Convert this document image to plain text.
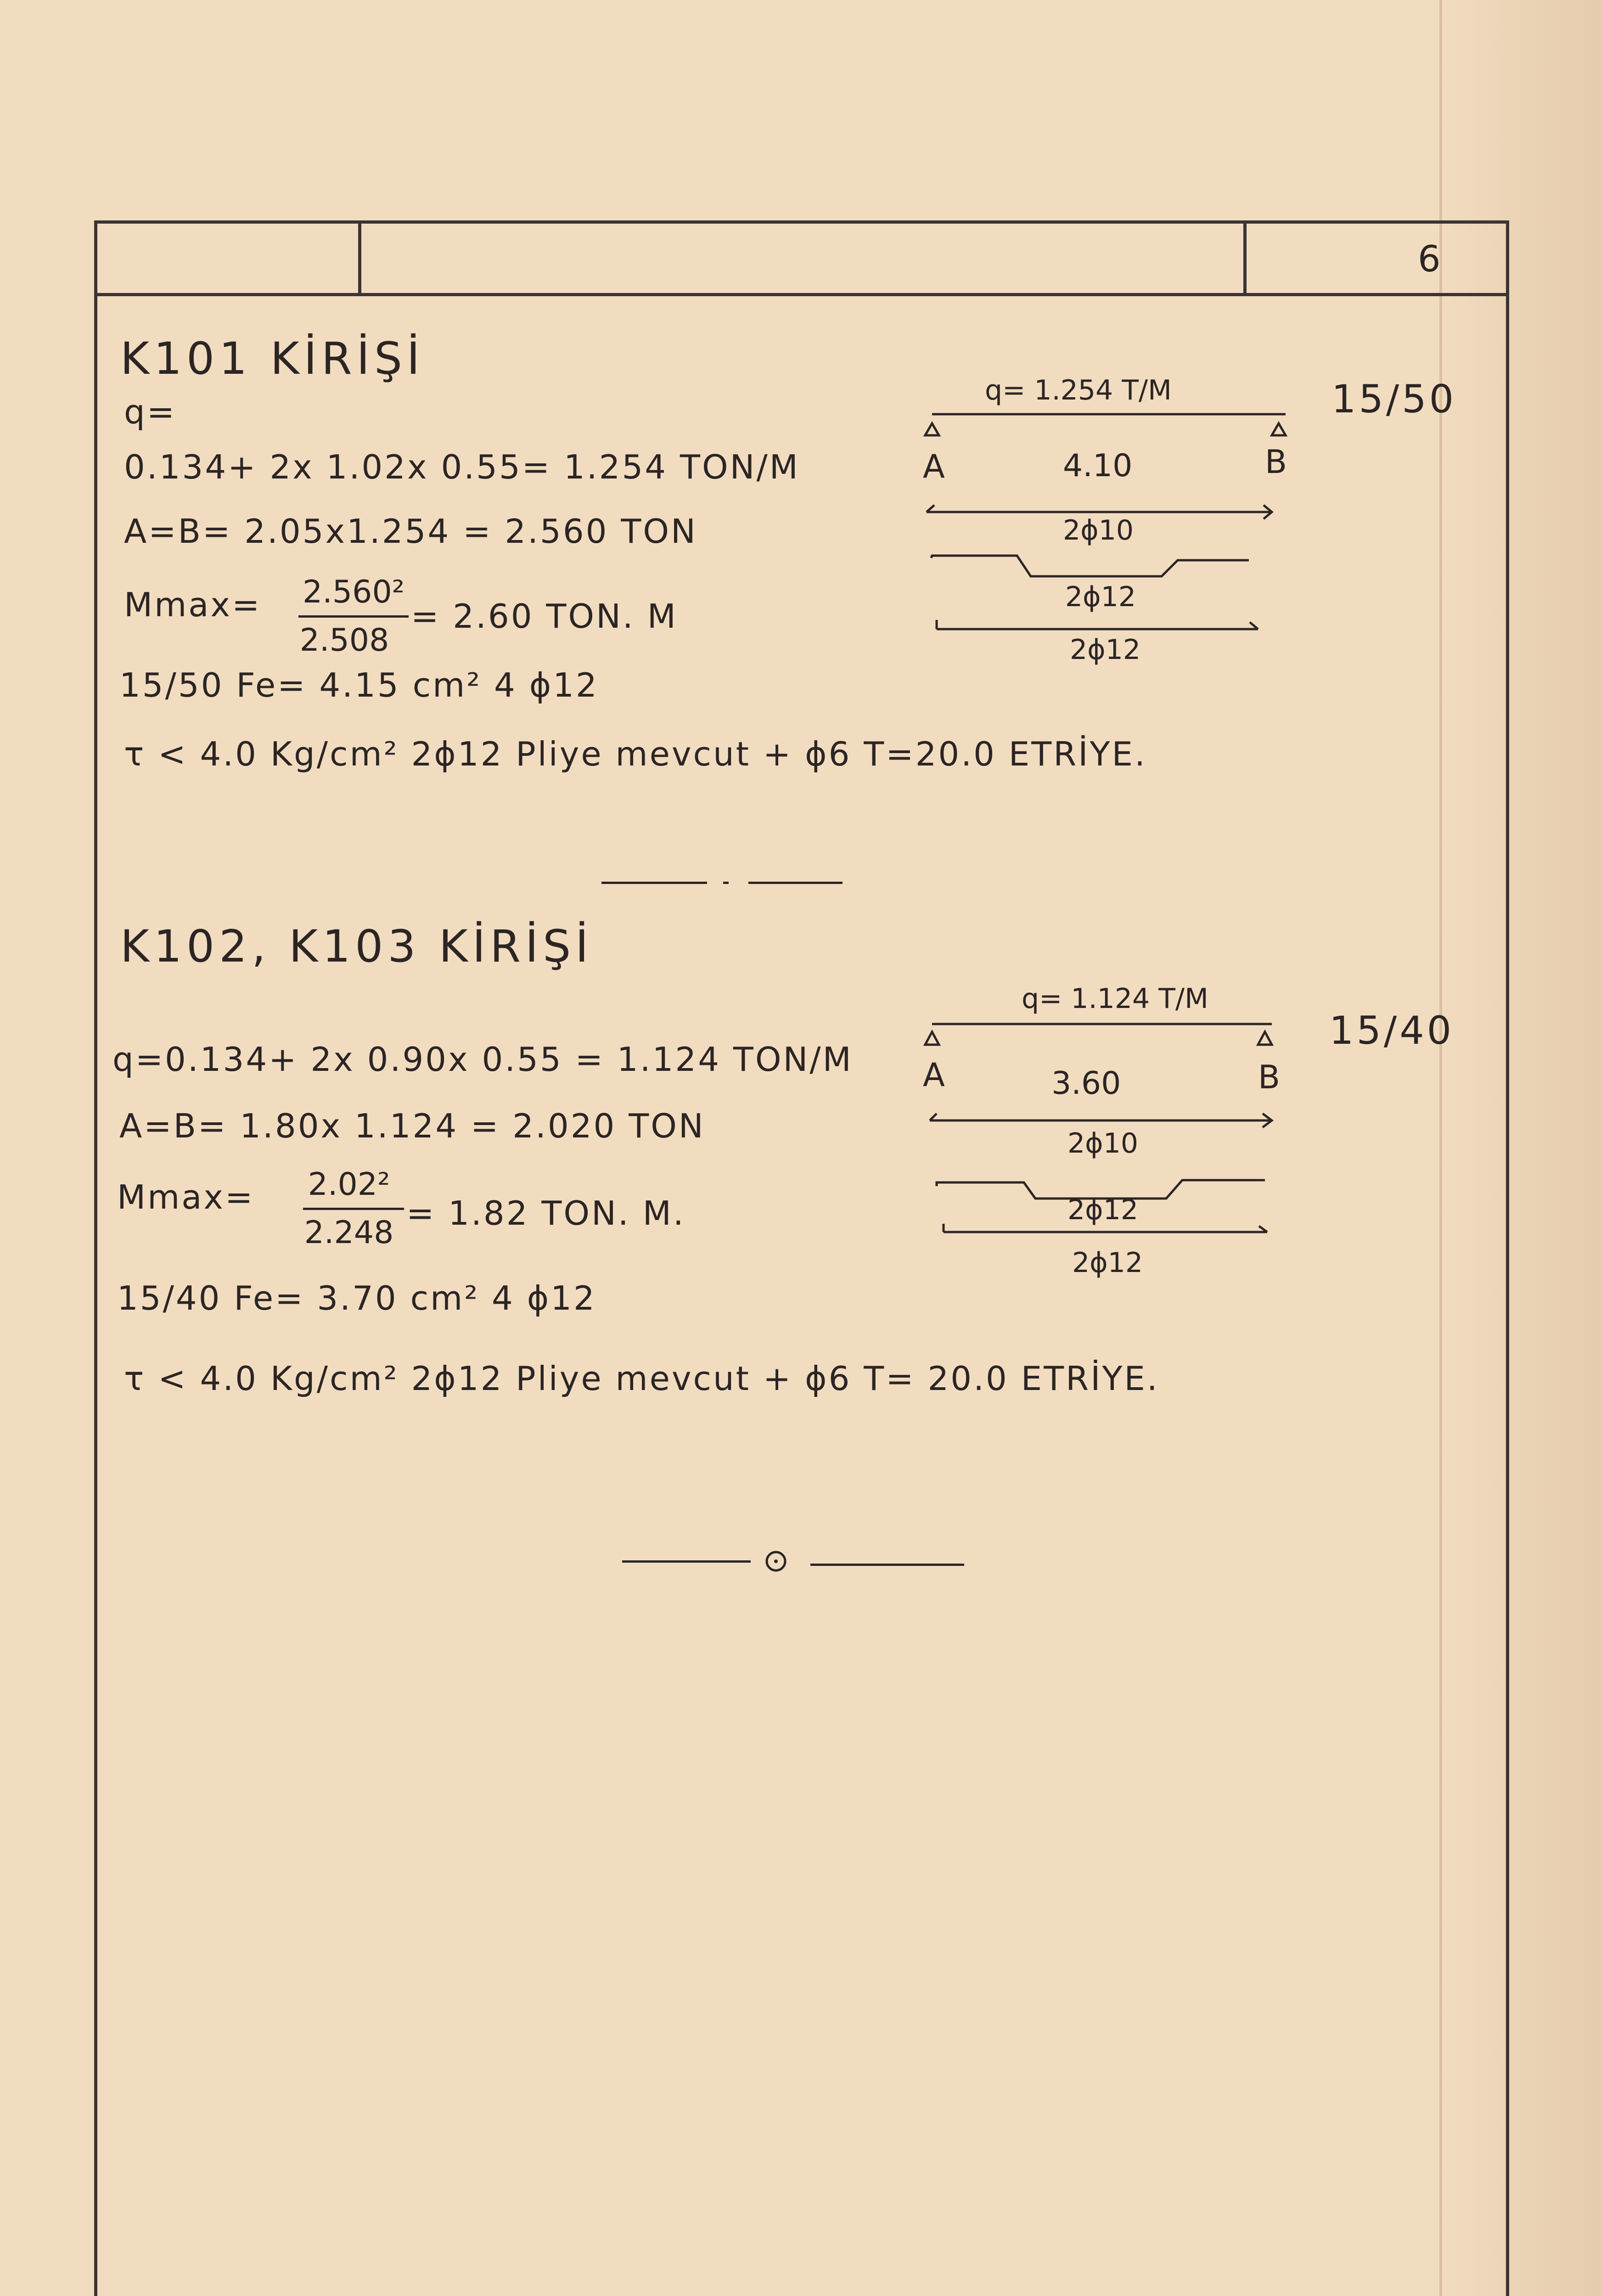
6
K101 KİRİŞİ
q=
0.134+ 2x 1.02x 0.55= 1.254 TON/M
A=B= 2.05x1.254 = 2.560 TON
Mmax= 2.560²
2.508
= 2.60 TON. M
15/50 Fe= 4.15 cm² 4 ϕ12
τ < 4.0 Kg/cm² 2ϕ12 Pliye mevcut + ϕ6 T=20.0 ETRİYE.
q= 1.254 T/M	15/50
A	B
4.10
2ϕ10
2ϕ12
2ϕ12
K102, K103 KİRİŞİ
q=0.134+ 2x 0.90x 0.55 = 1.124 TON/M
A=B= 1.80x 1.124 = 2.020 TON
Mmax=	2.02²
2.248
= 1.82 TON. M.
15/40 Fe= 3.70 cm² 4 ϕ12
τ < 4.0 Kg/cm² 2ϕ12 Pliye mevcut + ϕ6 T= 20.0 ETRİYE.
q= 1.124 T/M
15/40
A	B
3.60
2ϕ10
2ϕ12
2ϕ12
